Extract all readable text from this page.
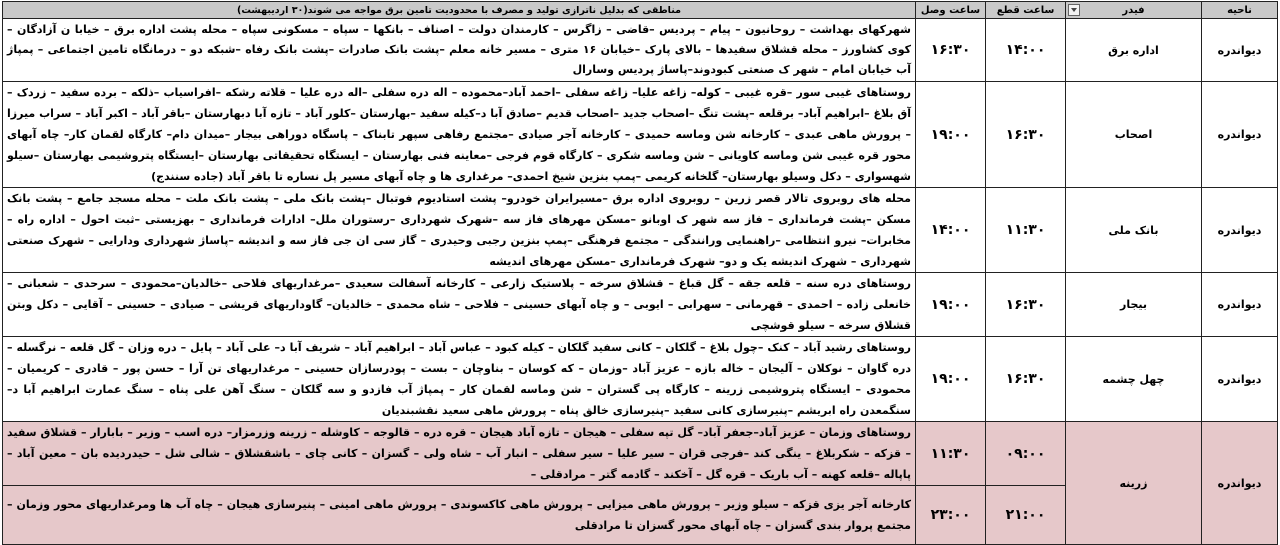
ناحیه	فیدر	ساعت قطع	ساعت وصل	مناطقی که بدلیل ناترازی تولید و مصرف با محدودیت تامین برق مواجه می شوند(۳۰ اردیبهشت)
دیواندره	اداره برق	۱۴:۰۰	۱۶:۳۰	شهرکهای بهداشت – روحانیون – پیام – پردیس –قاضی – زاگرس – کارمندان دولت – اصناف – بانکها – سپاه – مسکونی سپاه – محله پشت اداره برق – خیابا ن آزادگان – کوی کشاورز – محله قشلاق سفیدها – بالای پارک –خیابان ۱۶ متری – مسیر خانه معلم –پشت بانک صادرات –پشت بانک رفاه –شبکه دو – درمانگاه تامین اجتماعی – پمپاژ آب خیابان امام – شهر ک صنعتی کبودوند–پاساژ پردیس وسارال

دیواندره	اصحاب	۱۶:۳۰	۱۹:۰۰	روستاهای غیبی سور –قره غیبی – کوله– زاغه علیا– زاغه سفلی –احمد آباد–محموده – اله دره سفلی –اله دره علیا – قلاته رشکه –افراسیاب –ذلکه – برده سفید – زردک – آق بلاغ –ابراهیم آباد– برقلعه –پشت تنگ –اصحاب جدید –اصحاب قدیم –صادق آبا د–کیله سفید –بهارستان –کلور آباد – تازه آبا دبهارستان –باقر آباد – اکبر آباد – سراب میرزا – پرورش ماهی عبدی – کارخانه شن وماسه حمیدی – کارخانه آجر صیادی –مجتمع رفاهی سپهر تابناک – پاسگاه دوراهی بیجار –میدان دام– کارگاه لقمان کار– چاه آبهای محور قره غیبی شن وماسه کاویانی – شن وماسه شکری – کارگاه قوم فرجی –معاینه فنی بهارستان – ایستگاه تحقیقاتی بهارستان –ایستگاه پتروشیمی بهارستان –سیلو شهسواری – دکل وسیلو بهارستان– گلخانه کریمی –پمپ بنزین شیخ احمدی– مرغداری ها و چاه آبهای مسیر پل نساره تا باقر آباد (جاده سنندج)

دیواندره	بانک ملی	۱۱:۳۰	۱۴:۰۰	محله های روبروی تالار قصر زرین – روبروی اداره برق –مسیرایران خودرو– پشت استادیوم فوتبال –پشت بانک ملی – پشت بانک ملت – محله مسجد جامع – پشت بانک مسکن –پشت فرمانداری – فاز سه شهر ک اوبانو –مسکن مهرهای فاز سه –شهرک شهرداری –رستوران ملل– ادارات فرمانداری – بهزیستی –ثبت احول – اداره راه – مخابرات– نیرو انتظامی –راهنمایی ورانندگی – مجتمع فرهنگی –پمپ بنزین رجبی وحیدری – گاز سی ان جی فاز سه و اندیشه –پاساژ شهرداری ودارایی – شهرک صنعتی شهرداری – شهرک اندیشه یک و دو– شهرک فرمانداری –مسکن مهرهای اندیشه

دیواندره	بیجار	۱۶:۳۰	۱۹:۰۰	روستاهای دره سنه – قلعه جقه – گل قباغ – قشلاق سرخه – پلاستیک زارعی – کارخانه آسفالت سعیدی –مرغداریهای فلاحی –خالدیان–محمودی – سرحدی – شعبانی – خانعلی زاده – احمدی – قهرمانی – سهرابی – ایوبی – و چاه آبهای حسینی – فلاحی – شاه محمدی – خالدیان– گاوداریهای قریشی – صیادی – حسینی – آقایی – دکل وبتن قشلاق سرخه – سیلو قوشچی

دیواندره	چهل چشمه	۱۶:۳۰	۱۹:۰۰	روستاهای رشید آباد – کنک –چول بلاغ – گلکان – کانی سفید گلکان – کیله کبود – عباس آباد – ابراهیم آباد – شریف آبا د– علی آباد – پایل – دره وزان – گل قلعه – نرگسله – دره گاوان – نوکلان – آلیجان – خاله بازه – عزیز آباد –وزمان – که کوسان – بناوچان – بست – پودرسازان حسینی – مرغداریهای تن آرا – حسن پور – قادری – کریمیان – محمودی – ایستگاه پتروشیمی زرینه – کارگاه پی گستران – شن وماسه لقمان کار – پمپاژ آب فازدو و سه گلکان – سنگ آهن علی پناه – سنگ عمارت ابراهیم آبا د–سنگمعدن راه ابریشم –پنیرسازی کانی سفید –پنیرسازی خالق پناه – پرورش ماهی سعید نقشبندیان

دیواندره	زرینه	۰۹:۰۰	۱۱:۳۰	روستاهای وزمان – عزیز آباد–جعفر آباد– گل تپه سفلی – هیجان – تازه آباد هیجان – قره دره – قالوجه – کاوشله – زرینه وزرمزار– دره اسب – وزیر – بابارار – قشلاق سفید – قزکه – شکربلاغ – ینگی کند –فرجی قران – سیر علیا – سیر سفلی – انبار آب – شاه ولی – گسزان – کانی چای – باشقشلاق – شالی شل – حیدردیده بان – معین آباد – پاپاله –قلعه کهنه – آب باریک – قره گل – آخکند – گادمه گتر – مرادقلی –

		۲۱:۰۰	۲۳:۰۰	کارخانه آجر یزی قزکه – سیلو وزیر – پرورش ماهی میزایی – پرورش ماهی کاکسوندی – پرورش ماهی امینی – پنیرسازی هیجان – چاه آب ها ومرغداریهای محور وزمان – مجتمع پروار بندی گسزان – چاه آبهای محور گسزان تا مرادقلی
